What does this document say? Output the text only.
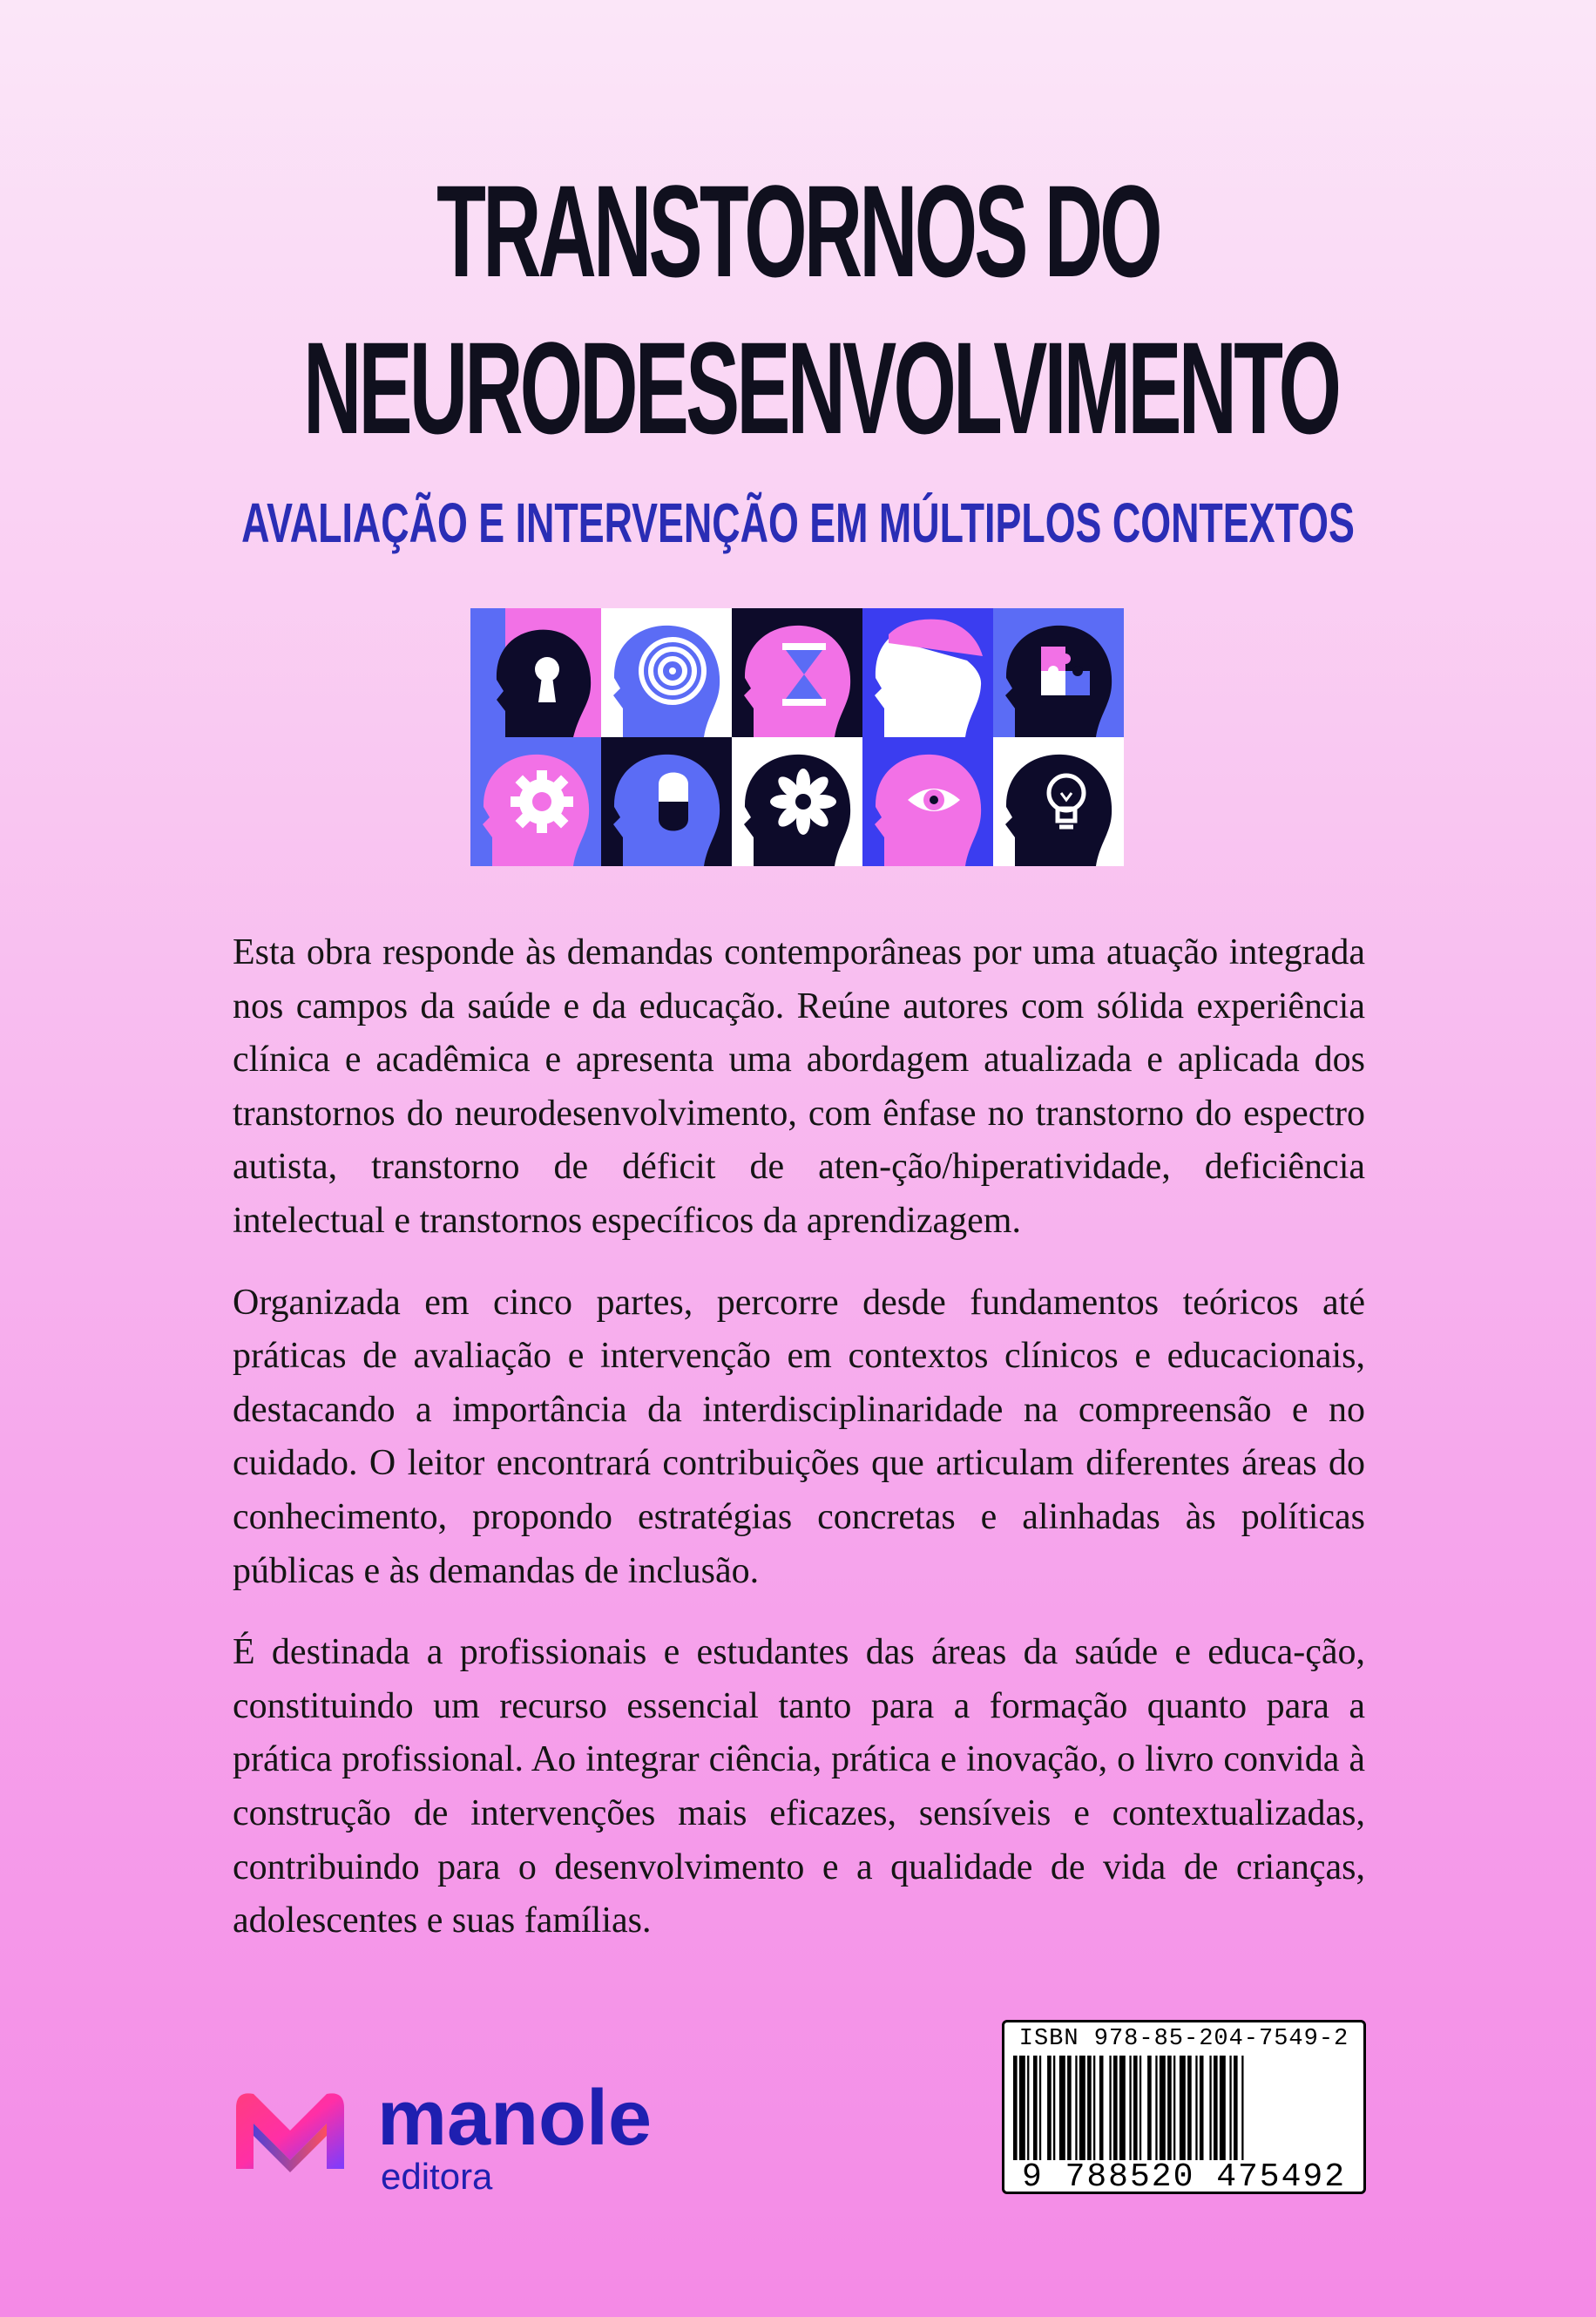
TRANSTORNOS DO
NEURODESENVOLVIMENTO
AVALIAÇÃO E INTERVENÇÃO EM MÚLTIPLOS CONTEXTOS

Esta obra responde às demandas contemporâneas por uma atuação integrada nos campos da saúde e da educação. Reúne autores com sólida experiência clínica e acadêmica e apresenta uma abordagem atualizada e aplicada dos transtornos do neurodesenvolvimento, com ênfase no transtorno do espectro autista, transtorno de déficit de aten-ção/hiperatividade, deficiência intelectual e transtornos específicos da aprendizagem.

Organizada em cinco partes, percorre desde fundamentos teóricos até práticas de avaliação e intervenção em contextos clínicos e educacionais, destacando a importância da interdisciplinaridade na compreensão e no cuidado. O leitor encontrará contribuições que articulam diferentes áreas do conhecimento, propondo estratégias concretas e alinhadas às políticas públicas e às demandas de inclusão.

É destinada a profissionais e estudantes das áreas da saúde e educa-ção, constituindo um recurso essencial tanto para a formação quanto para a prática profissional. Ao integrar ciência, prática e inovação, o livro convida à construção de intervenções mais eficazes, sensíveis e contextualizadas, contribuindo para o desenvolvimento e a qualidade de vida de crianças, adolescentes e suas famílias.

manole
editora
ISBN 978-85-204-7549-2
9 788520 475492
